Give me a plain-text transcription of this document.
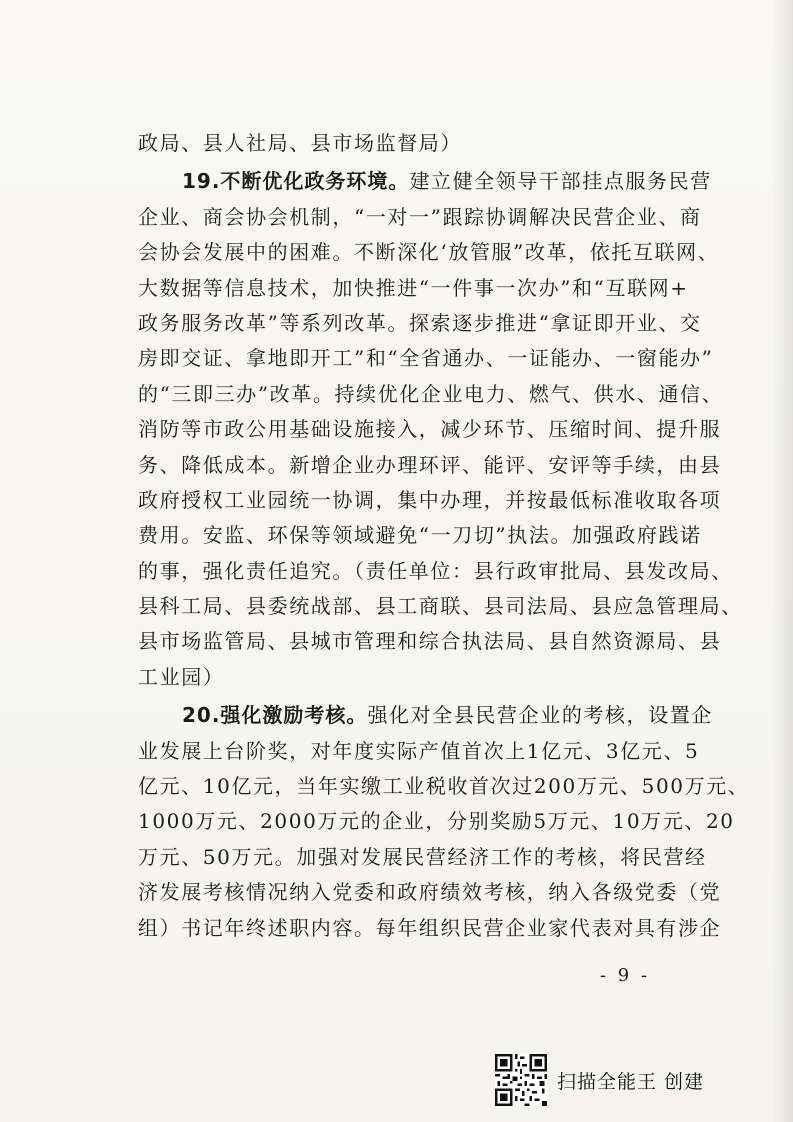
政局、县人社局、县市场监督局）
19.不断优化政务环境。建立健全领导干部挂点服务民营
企业、商会协会机制，“一对一”跟踪协调解决民营企业、商
会协会发展中的困难。不断深化‘放管服”改革，依托互联网、
大数据等信息技术，加快推进“一件事一次办”和“互联网+
政务服务改革”等系列改革。探索逐步推进“拿证即开业、交
房即交证、拿地即开工”和“全省通办、一证能办、一窗能办”
的“三即三办”改革。持续优化企业电力、燃气、供水、通信、
消防等市政公用基础设施接入，减少环节、压缩时间、提升服
务、降低成本。新增企业办理环评、能评、安评等手续，由县
政府授权工业园统一协调，集中办理，并按最低标准收取各项
费用。安监、环保等领域避免“一刀切”执法。加强政府践诺
的事，强化责任追究。（责任单位：县行政审批局、县发改局、
县科工局、县委统战部、县工商联、县司法局、县应急管理局、
县市场监管局、县城市管理和综合执法局、县自然资源局、县
工业园）
20.强化激励考核。强化对全县民营企业的考核，设置企
业发展上台阶奖，对年度实际产值首次上1亿元、3亿元、5
亿元、10亿元，当年实缴工业税收首次过200万元、500万元、
1000万元、2000万元的企业，分别奖励5万元、10万元、20
万元、50万元。加强对发展民营经济工作的考核，将民营经
济发展考核情况纳入党委和政府绩效考核，纳入各级党委（党
组）书记年终述职内容。每年组织民营企业家代表对具有涉企
- 9 -
扫描全能王 创建
